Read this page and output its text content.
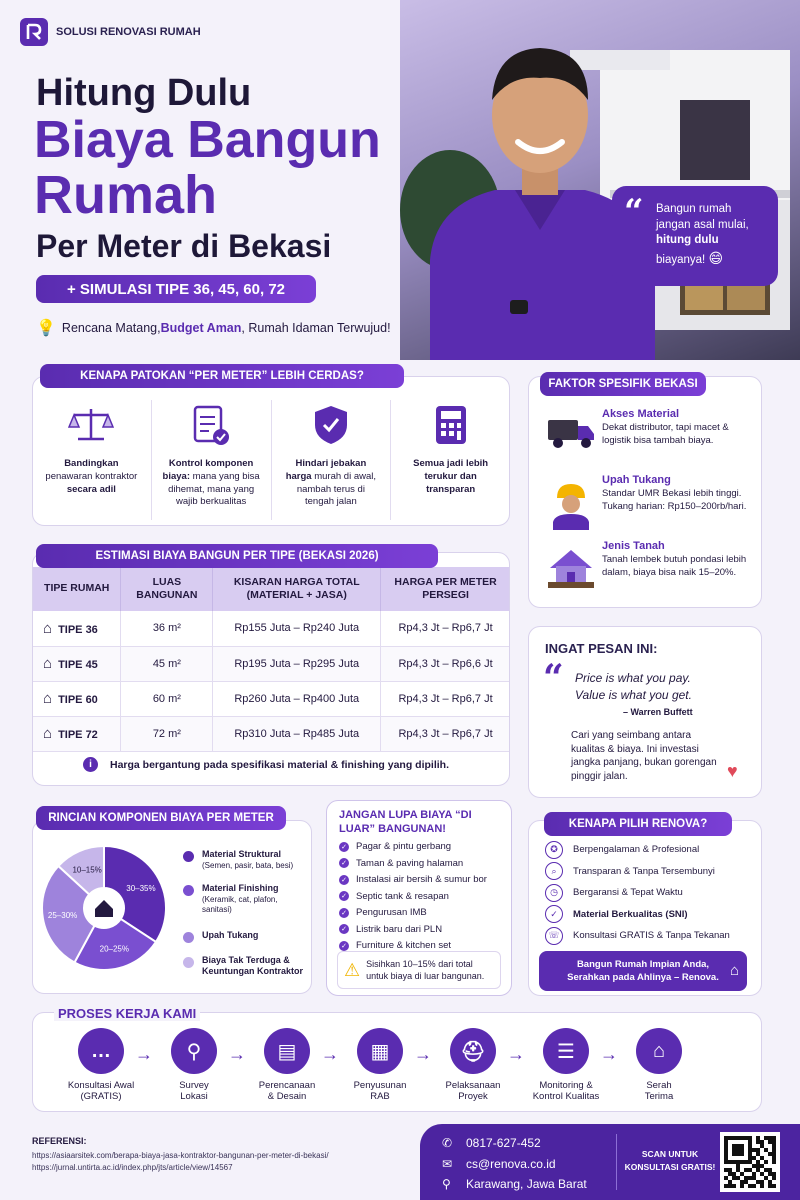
SOLUSI RENOVASI RUMAH
Hitung Dulu
Biaya Bangun
Rumah
Per Meter di Bekasi
+ SIMULASI TIPE 36, 45, 60, 72
💡 Rencana Matang, Budget Aman , Rumah Idaman Terwujud!
“ Bangun rumah jangan asal mulai, hitung dulu biayanya! 😄
KENAPA PATOKAN “PER METER” LEBIH CERDAS?
Bandingkan penawaran kontraktor secara adil
Kontrol komponen biaya: mana yang bisa dihemat, mana yang wajib berkualitas
Hindari jebakan harga murah di awal, nambah terus di tengah jalan
Semua jadi lebih terukur dan transparan
FAKTOR SPESIFIK BEKASI
Akses Material
Dekat distributor, tapi macet & logistik bisa tambah biaya.
Upah Tukang
Standar UMR Bekasi lebih tinggi. Tukang harian: Rp150–200rb/hari.
Jenis Tanah
Tanah lembek butuh pondasi lebih dalam, biaya bisa naik 15–20%.
TIPE RUMAH	LUAS BANGUNAN	KISARAN HARGA TOTAL (MATERIAL + JASA)	HARGA PER METER PERSEGI
⌂ TIPE 36	36 m²	Rp155 Juta – Rp240 Juta	Rp4,3 Jt – Rp6,7 Jt
⌂ TIPE 45	45 m²	Rp195 Juta – Rp295 Juta	Rp4,3 Jt – Rp6,6 Jt
⌂ TIPE 60	60 m²	Rp260 Juta – Rp400 Juta	Rp4,3 Jt – Rp6,7 Jt
⌂ TIPE 72	72 m²	Rp310 Juta – Rp485 Juta	Rp4,3 Jt – Rp6,7 Jt
i	Harga bergantung pada spesifikasi material & finishing yang dipilih.
ESTIMASI BIAYA BANGUN PER TIPE (BEKASI 2026)
INGAT PESAN INI:
“ Price is what you pay.
Value is what you get.
– Warren Buffett
Cari yang seimbang antara kualitas & biaya. Ini investasi jangka panjang, bukan gorengan pinggir jalan.	♥
30–35%
20–25%
25–30%
10–15%
Material Struktural
(Semen, pasir, bata, besi)
Material Finishing
(Keramik, cat, plafon, sanitasi)
Upah Tukang
Biaya Tak Terduga & Keuntungan Kontraktor
RINCIAN KOMPONEN BIAYA PER METER	JANGAN LUPA BIAYA “DI LUAR” BANGUNAN!
✓ Pagar & pintu gerbang
✓ Taman & paving halaman
✓ Instalasi air bersih & sumur bor
✓ Septic tank & resapan
✓ Pengurusan IMB
✓ Listrik baru dari PLN
✓ Furniture & kitchen set
⚠ Sisihkan 10–15% dari total untuk biaya di luar bangunan.
✪	Berpengalaman & Profesional
⌕	Transparan & Tanpa Tersembunyi
◷	Bergaransi & Tepat Waktu
✓	Material Berkualitas (SNI)
☏	Konsultasi GRATIS & Tanpa Tekanan
Bangun Rumah Impian Anda,
Serahkan pada Ahlinya – Renova. ⌂
KENAPA PILIH RENOVA?
PROSES KERJA KAMI
…
Konsultasi Awal
(GRATIS)
→	⚲
Survey
Lokasi
→	▤
Perencanaan
& Desain
→	▦
Penyusunan
RAB
→	⛑
Pelaksanaan
Proyek
→	☰
Monitoring &
Kontrol Kualitas
→	⌂
Serah
Terima
REFERENSI:
https://asiaarsitek.com/berapa-biaya-jasa-kontraktor-bangunan-per-meter-di-bekasi/
https://jurnal.untirta.ac.id/index.php/jts/article/view/14567
✆	0817-627-452
✉	cs@renova.co.id
⚲	Karawang, Jawa Barat
SCAN UNTUK
KONSULTASI GRATIS!
